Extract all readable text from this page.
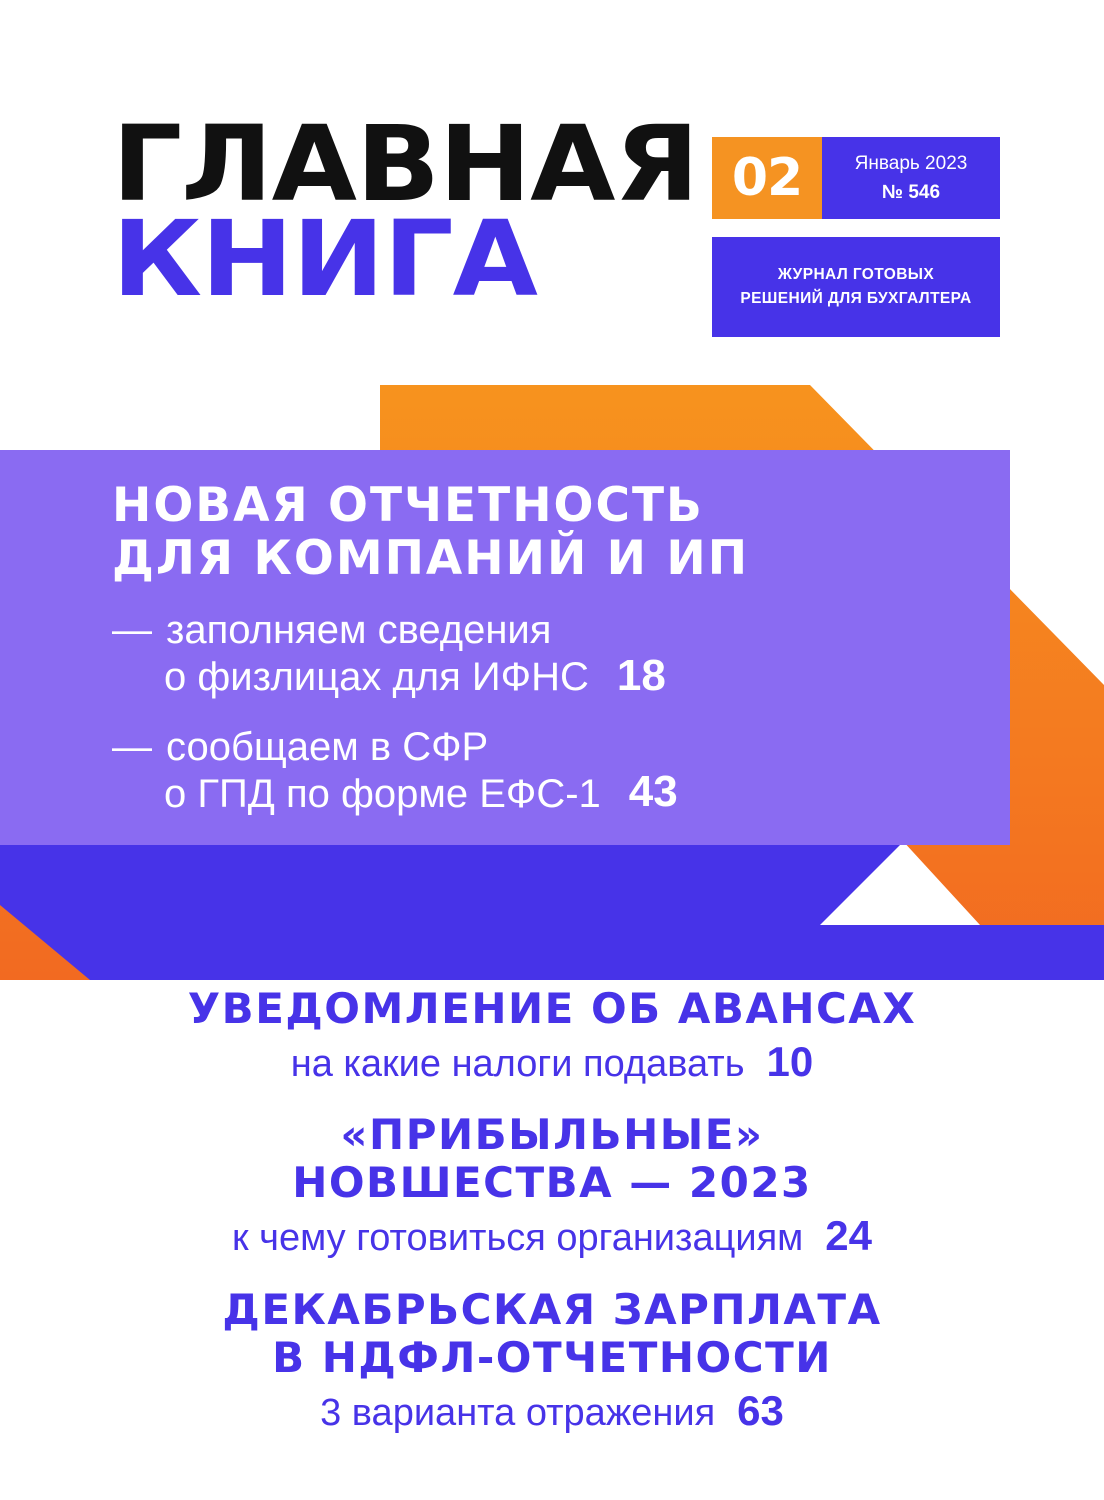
ГЛАВНАЯ
КНИГА
02	Январь 2023
№ 546
ЖУРНАЛ ГОТОВЫХ
РЕШЕНИЙ ДЛЯ БУХГАЛТЕРА
НОВАЯ ОТЧЕТНОСТЬ
ДЛЯ КОМПАНИЙ И ИП
— заполняем сведения
о физлицах для ИФНС 18
— сообщаем в СФР
о ГПД по форме ЕФС-1 43
УВЕДОМЛЕНИЕ ОБ АВАНСАХ
на какие налоги подавать 10
«ПРИБЫЛЬНЫЕ»
НОВШЕСТВА — 2023
к чему готовиться организациям 24
ДЕКАБРЬСКАЯ ЗАРПЛАТА
В НДФЛ-ОТЧЕТНОСТИ
3 варианта отражения 63
